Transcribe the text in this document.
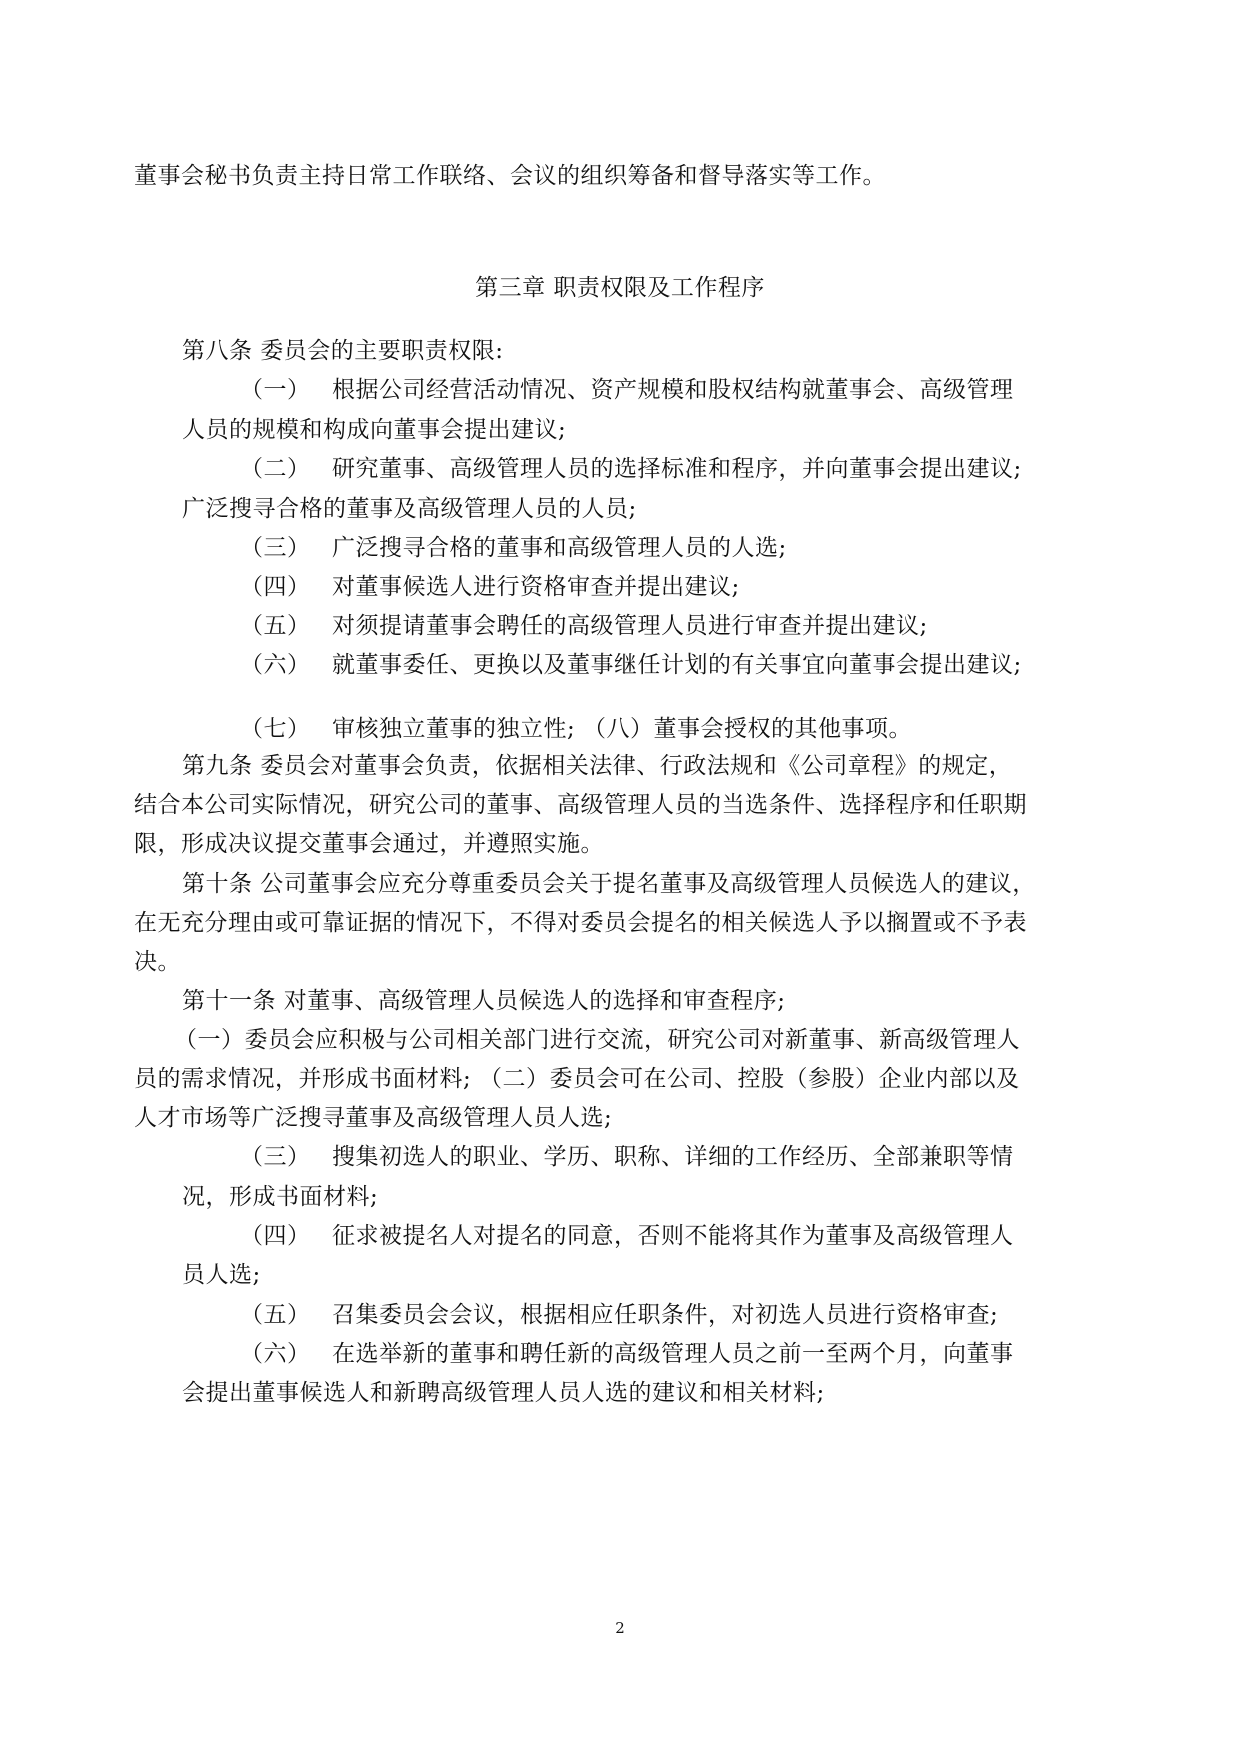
董事会秘书负责主持日常工作联络、会议的组织筹备和督导落实等工作。
第三章 职责权限及工作程序
第八条 委员会的主要职责权限:
（一） 根据公司经营活动情况、资产规模和股权结构就董事会、高级管理
人员的规模和构成向董事会提出建议;
（二） 研究董事、高级管理人员的选择标准和程序，并向董事会提出建议;
广泛搜寻合格的董事及高级管理人员的人员;
（三） 广泛搜寻合格的董事和高级管理人员的人选;
（四） 对董事候选人进行资格审查并提出建议;
（五） 对须提请董事会聘任的高级管理人员进行审查并提出建议;
（六） 就董事委任、更换以及董事继任计划的有关事宜向董事会提出建议;
（七） 审核独立董事的独立性; （八）董事会授权的其他事项。
第九条 委员会对董事会负责，依据相关法律、行政法规和《公司章程》的规定，
结合本公司实际情况，研究公司的董事、高级管理人员的当选条件、选择程序和任职期
限，形成决议提交董事会通过，并遵照实施。
第十条 公司董事会应充分尊重委员会关于提名董事及高级管理人员候选人的建议，
在无充分理由或可靠证据的情况下，不得对委员会提名的相关候选人予以搁置或不予表
决。
第十一条 对董事、高级管理人员候选人的选择和审查程序;
（一）委员会应积极与公司相关部门进行交流，研究公司对新董事、新高级管理人
员的需求情况，并形成书面材料; （二）委员会可在公司、控股（参股）企业内部以及
人才市场等广泛搜寻董事及高级管理人员人选;
（三） 搜集初选人的职业、学历、职称、详细的工作经历、全部兼职等情
况，形成书面材料;
（四） 征求被提名人对提名的同意，否则不能将其作为董事及高级管理人
员人选;
（五） 召集委员会会议，根据相应任职条件，对初选人员进行资格审查;
（六） 在选举新的董事和聘任新的高级管理人员之前一至两个月，向董事
会提出董事候选人和新聘高级管理人员人选的建议和相关材料;
2
